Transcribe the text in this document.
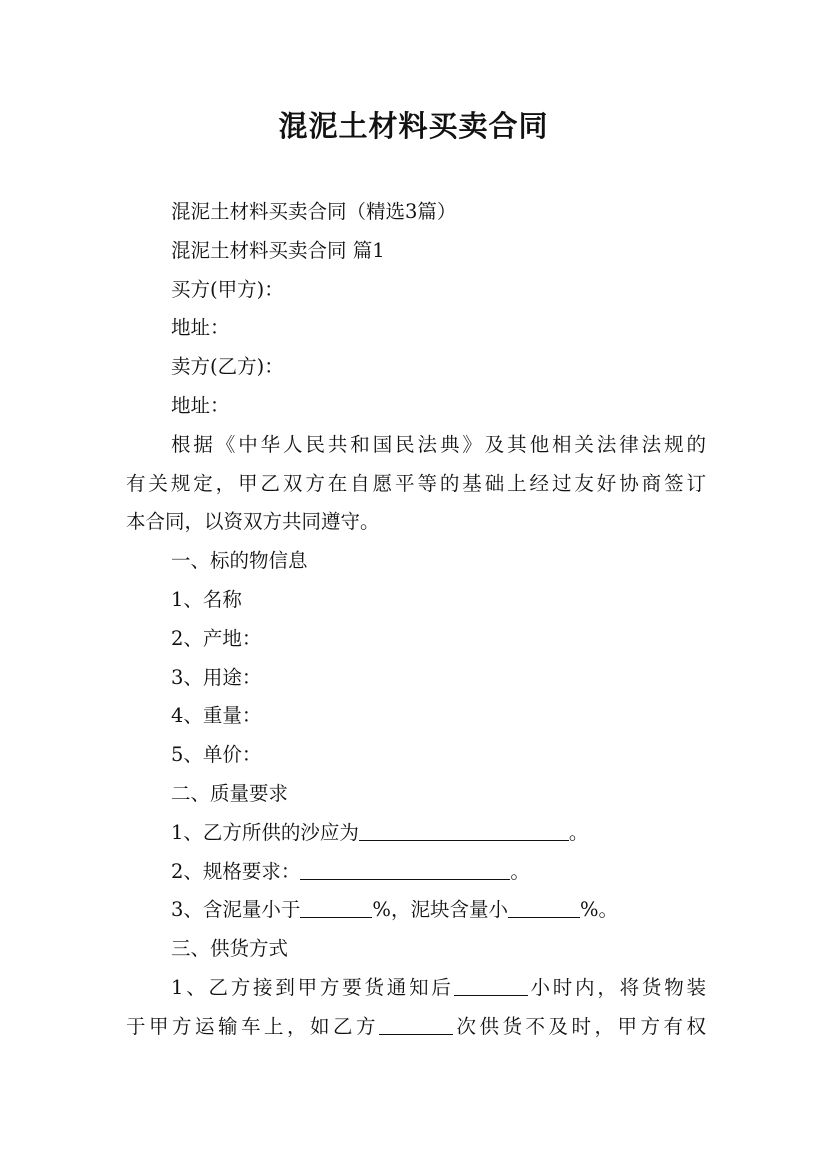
混泥土材料买卖合同

混泥土材料买卖合同（精选3篇）

混泥土材料买卖合同 篇1

买方(甲方)：

地址：

卖方(乙方)：

地址：

根据《中华人民共和国民法典》及其他相关法律法规的

有关规定，甲乙双方在自愿平等的基础上经过友好协商签订

本合同，以资双方共同遵守。

一、标的物信息

1、名称

2、产地：

3、用途：

4、重量：

5、单价：

二、质量要求

1、乙方所供的沙应为	。

2、规格要求：	。

3、含泥量小于	%，泥块含量小	%。

三、供货方式

1、乙方接到甲方要货通知后	小时内，将货物装

于甲方运输车上，如乙方	次供货不及时，甲方有权
